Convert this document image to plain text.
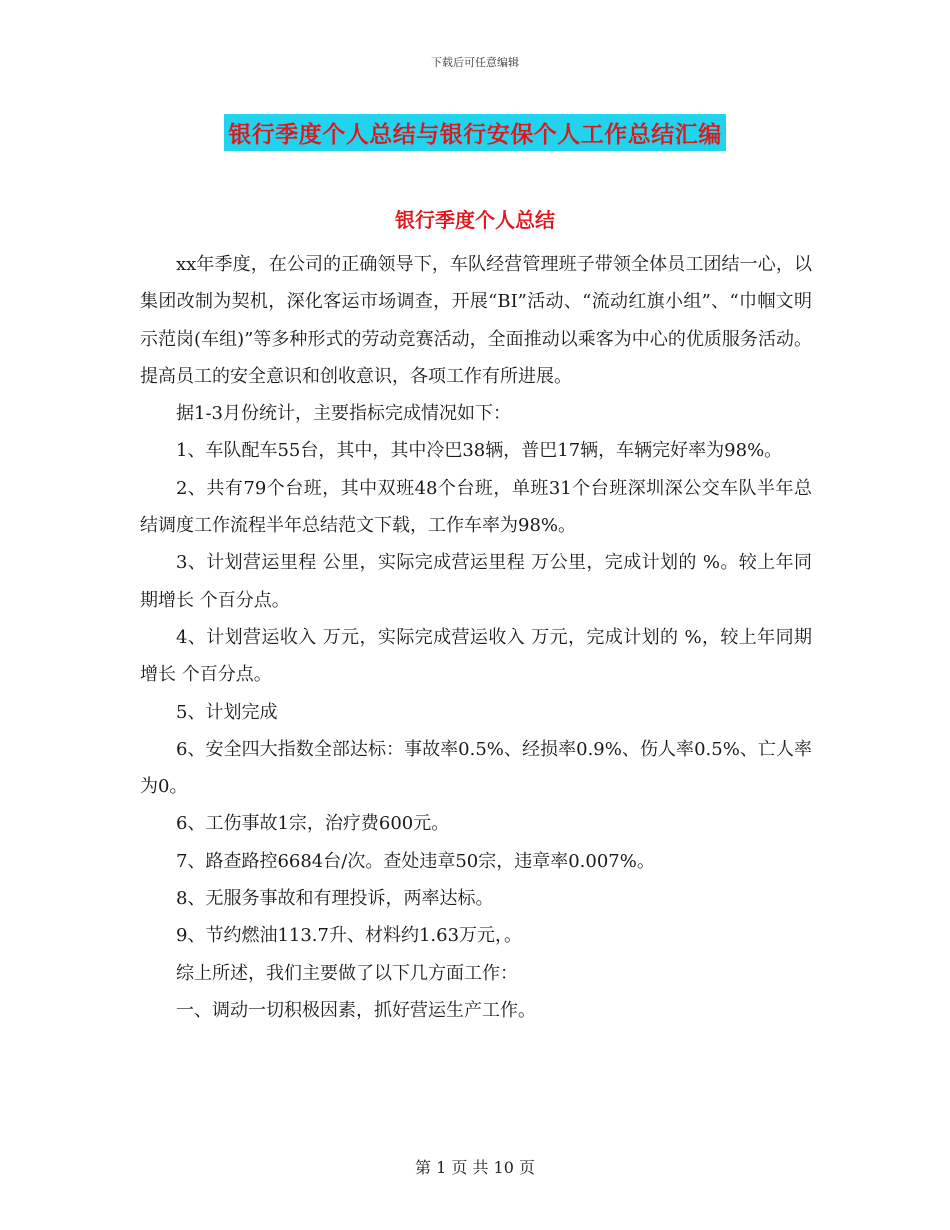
下载后可任意编辑
银行季度个人总结与银行安保个人工作总结汇编
银行季度个人总结

xx年季度，在公司的正确领导下，车队经营管理班子带领全体员工团结一心，以集团改制为契机，深化客运市场调查，开展“BI”活动、“流动红旗小组”、“巾帼文明示范岗(车组)”等多种形式的劳动竞赛活动，全面推动以乘客为中心的优质服务活动。提高员工的安全意识和创收意识，各项工作有所进展。

据1-3月份统计，主要指标完成情况如下：

1、车队配车55台，其中，其中冷巴38辆，普巴17辆，车辆完好率为98%。

2、共有79个台班，其中双班48个台班，单班31个台班深圳深公交车队半年总结调度工作流程半年总结范文下载，工作车率为98%。

3、计划营运里程 公里，实际完成营运里程 万公里，完成计划的 %。较上年同期增长 个百分点。

4、计划营运收入 万元，实际完成营运收入 万元，完成计划的 %，较上年同期增长 个百分点。

5、计划完成

6、安全四大指数全部达标：事故率0.5%、经损率0.9%、伤人率0.5%、亡人率为0。

6、工伤事故1宗，治疗费600元。

7、路查路控6684台/次。查处违章50宗，违章率0.007%。

8、无服务事故和有理投诉，两率达标。

9、节约燃油113.7升、材料约1.63万元，。

综上所述，我们主要做了以下几方面工作：

一、调动一切积极因素，抓好营运生产工作。

第 1 页 共 10 页
